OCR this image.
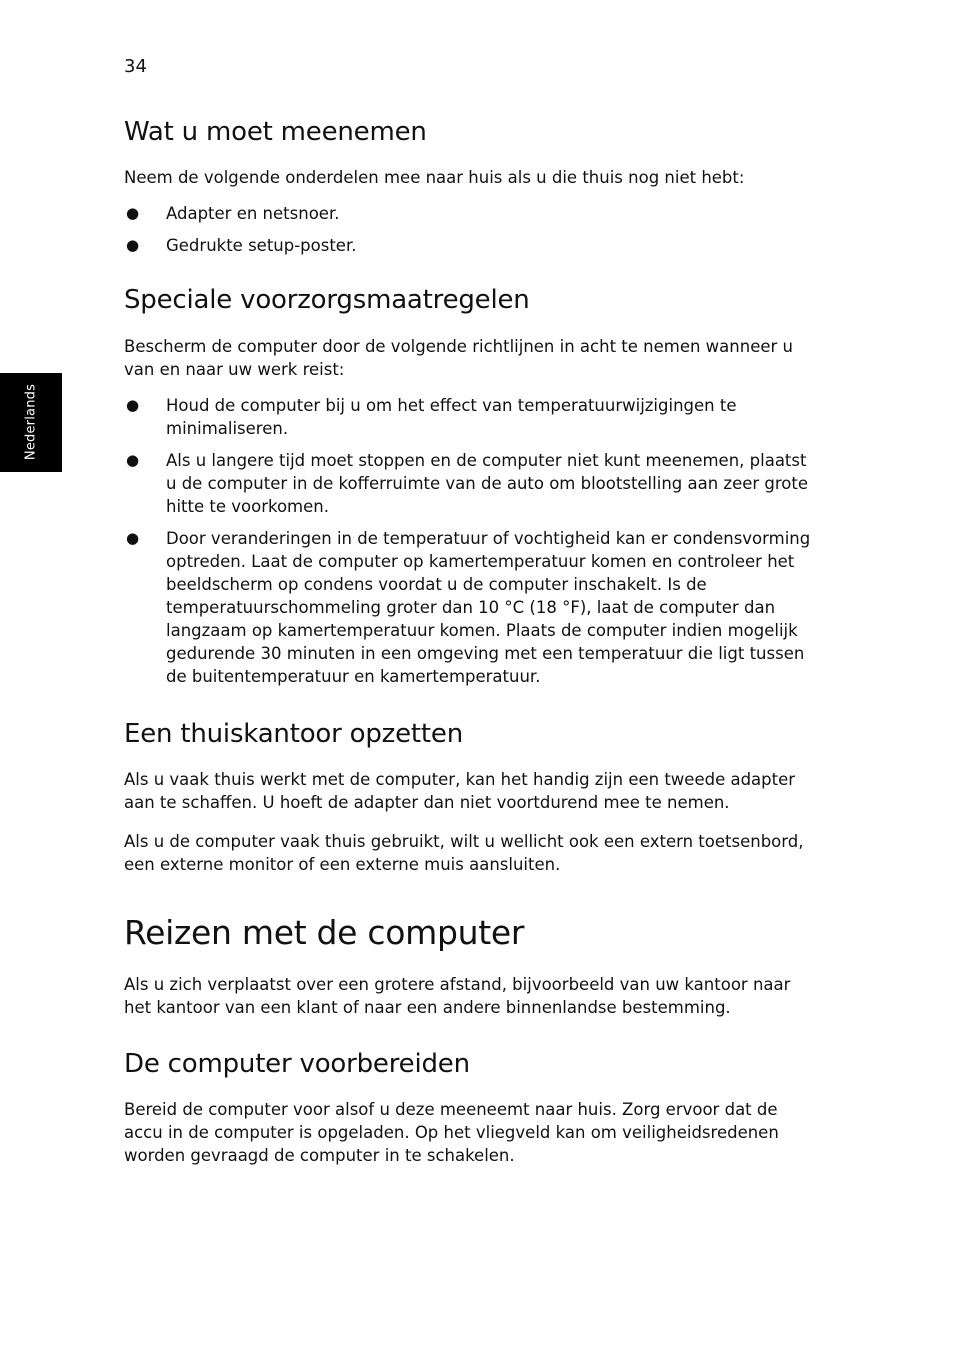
34
Nederlands
Wat u moet meenemen

Neem de volgende onderdelen mee naar huis als u die thuis nog niet hebt:

● Adapter en netsnoer.
● Gedrukte setup-poster.
Speciale voorzorgsmaatregelen

Bescherm de computer door de volgende richtlijnen in acht te nemen wanneer u van en naar uw werk reist:

● Houd de computer bij u om het effect van temperatuurwijzigingen te minimaliseren.
● Als u langere tijd moet stoppen en de computer niet kunt meenemen, plaatst u de computer in de kofferruimte van de auto om blootstelling aan zeer grote hitte te voorkomen.
● Door veranderingen in de temperatuur of vochtigheid kan er condensvorming optreden. Laat de computer op kamertemperatuur komen en controleer het beeldscherm op condens voordat u de computer inschakelt. Is de temperatuurschommeling groter dan 10 °C (18 °F), laat de computer dan langzaam op kamertemperatuur komen. Plaats de computer indien mogelijk gedurende 30 minuten in een omgeving met een temperatuur die ligt tussen de buitentemperatuur en kamertemperatuur.
Een thuiskantoor opzetten

Als u vaak thuis werkt met de computer, kan het handig zijn een tweede adapter aan te schaffen. U hoeft de adapter dan niet voortdurend mee te nemen.

Als u de computer vaak thuis gebruikt, wilt u wellicht ook een extern toetsenbord, een externe monitor of een externe muis aansluiten.

Reizen met de computer

Als u zich verplaatst over een grotere afstand, bijvoorbeeld van uw kantoor naar het kantoor van een klant of naar een andere binnenlandse bestemming.

De computer voorbereiden

Bereid de computer voor alsof u deze meeneemt naar huis. Zorg ervoor dat de accu in de computer is opgeladen. Op het vliegveld kan om veiligheidsredenen worden gevraagd de computer in te schakelen.
